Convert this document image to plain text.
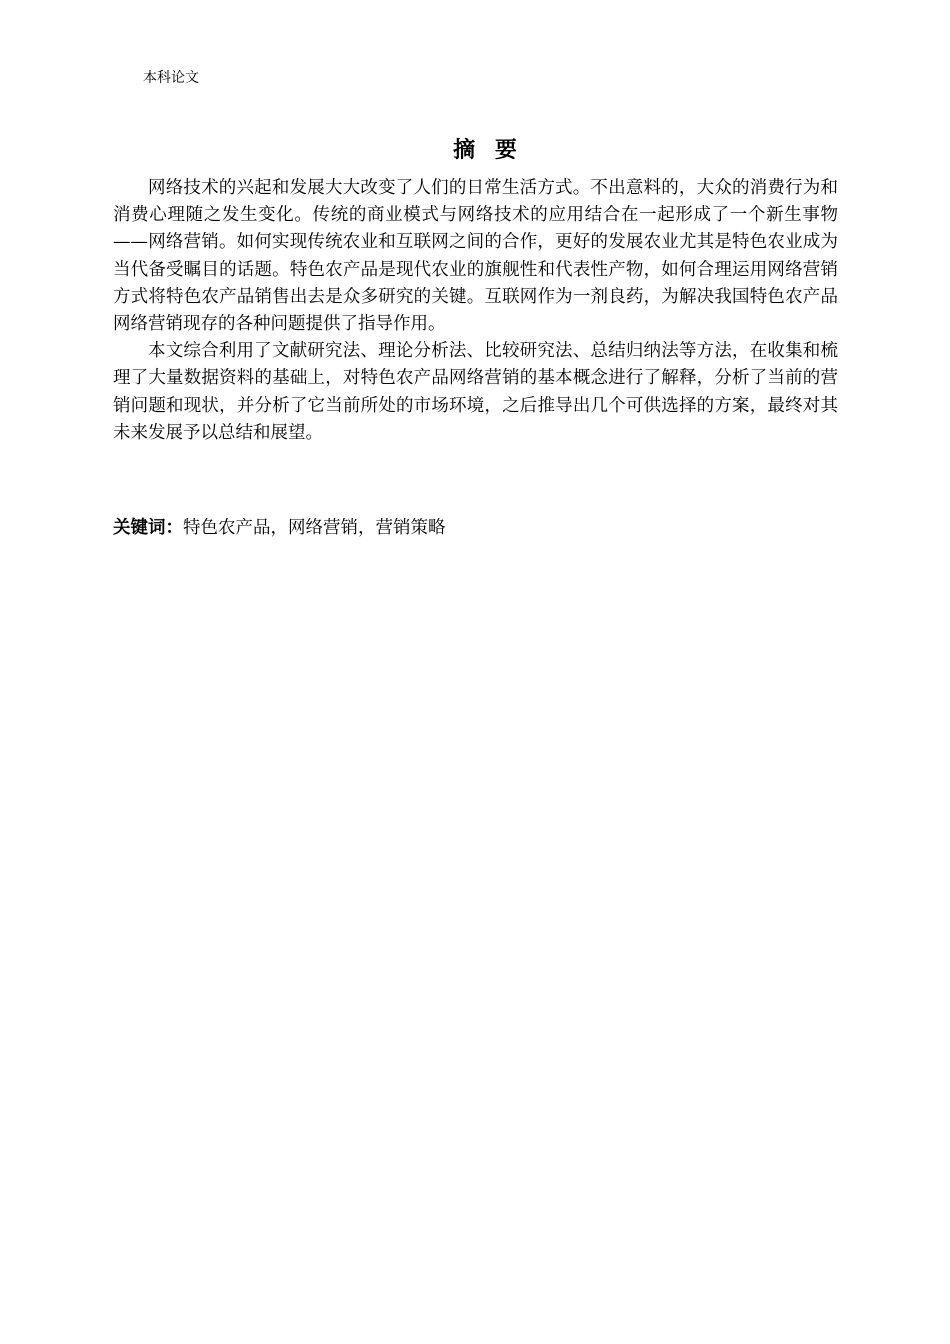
本科论文
摘 要

网络技术的兴起和发展大大改变了人们的日常生活方式。不出意料的，大众的消费行为和消费心理随之发生变化。传统的商业模式与网络技术的应用结合在一起形成了一个新生事物——网络营销。如何实现传统农业和互联网之间的合作，更好的发展农业尤其是特色农业成为当代备受瞩目的话题。特色农产品是现代农业的旗舰性和代表性产物，如何合理运用网络营销方式将特色农产品销售出去是众多研究的关键。互联网作为一剂良药，为解决我国特色农产品网络营销现存的各种问题提供了指导作用。

本文综合利用了文献研究法、理论分析法、比较研究法、总结归纳法等方法，在收集和梳理了大量数据资料的基础上，对特色农产品网络营销的基本概念进行了解释，分析了当前的营销问题和现状，并分析了它当前所处的市场环境，之后推导出几个可供选择的方案，最终对其未来发展予以总结和展望。

关键词：特色农产品，网络营销，营销策略
